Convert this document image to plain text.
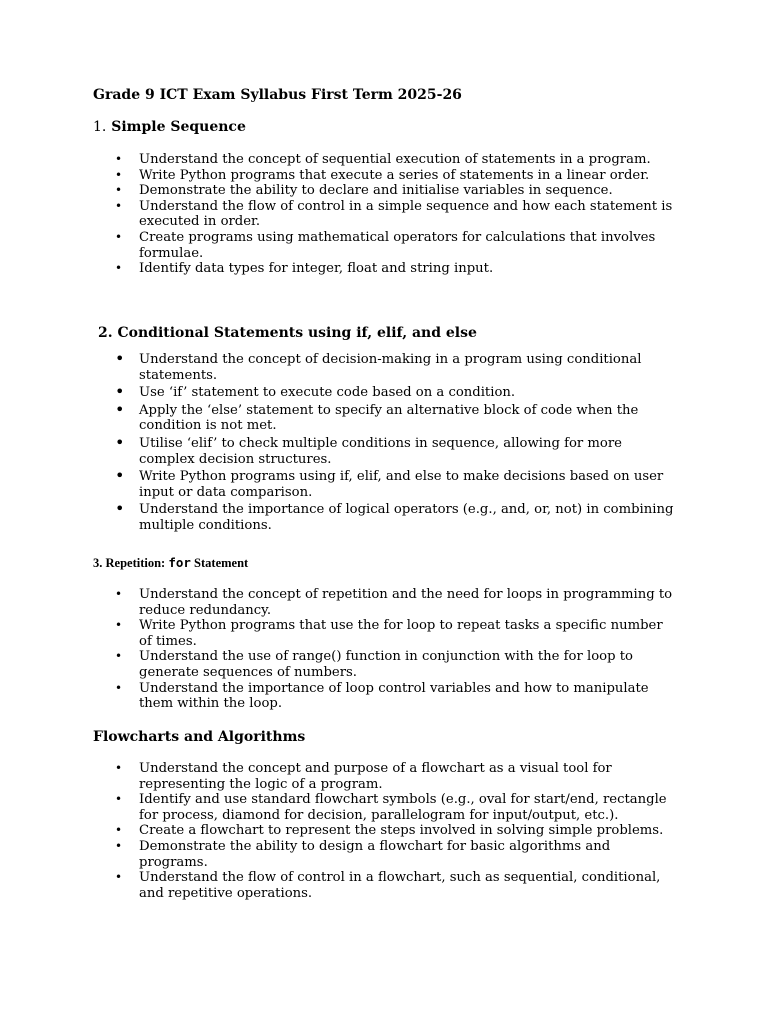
Grade 9 ICT Exam Syllabus First Term 2025-26
1. Simple Sequence
• Understand the concept of sequential execution of statements in a program.
• Write Python programs that execute a series of statements in a linear order.
• Demonstrate the ability to declare and initialise variables in sequence.
• Understand the flow of control in a simple sequence and how each statement is executed in order.
• Create programs using mathematical operators for calculations that involves formulae.
• Identify data types for integer, float and string input.
2. Conditional Statements using if, elif, and else
• Understand the concept of decision-making in a program using conditional statements.
• Use ‘if’ statement to execute code based on a condition.
• Apply the ‘else’ statement to specify an alternative block of code when the condition is not met.
• Utilise ‘elif’ to check multiple conditions in sequence, allowing for more complex decision structures.
• Write Python programs using if, elif, and else to make decisions based on user input or data comparison.
• Understand the importance of logical operators (e.g., and, or, not) in combining multiple conditions.
3. Repetition: for Statement
• Understand the concept of repetition and the need for loops in programming to reduce redundancy.
• Write Python programs that use the for loop to repeat tasks a specific number of times.
• Understand the use of range() function in conjunction with the for loop to generate sequences of numbers.
• Understand the importance of loop control variables and how to manipulate them within the loop.
Flowcharts and Algorithms
• Understand the concept and purpose of a flowchart as a visual tool for representing the logic of a program.
• Identify and use standard flowchart symbols (e.g., oval for start/end, rectangle for process, diamond for decision, parallelogram for input/output, etc.).
• Create a flowchart to represent the steps involved in solving simple problems.
• Demonstrate the ability to design a flowchart for basic algorithms and programs.
• Understand the flow of control in a flowchart, such as sequential, conditional, and repetitive operations.
